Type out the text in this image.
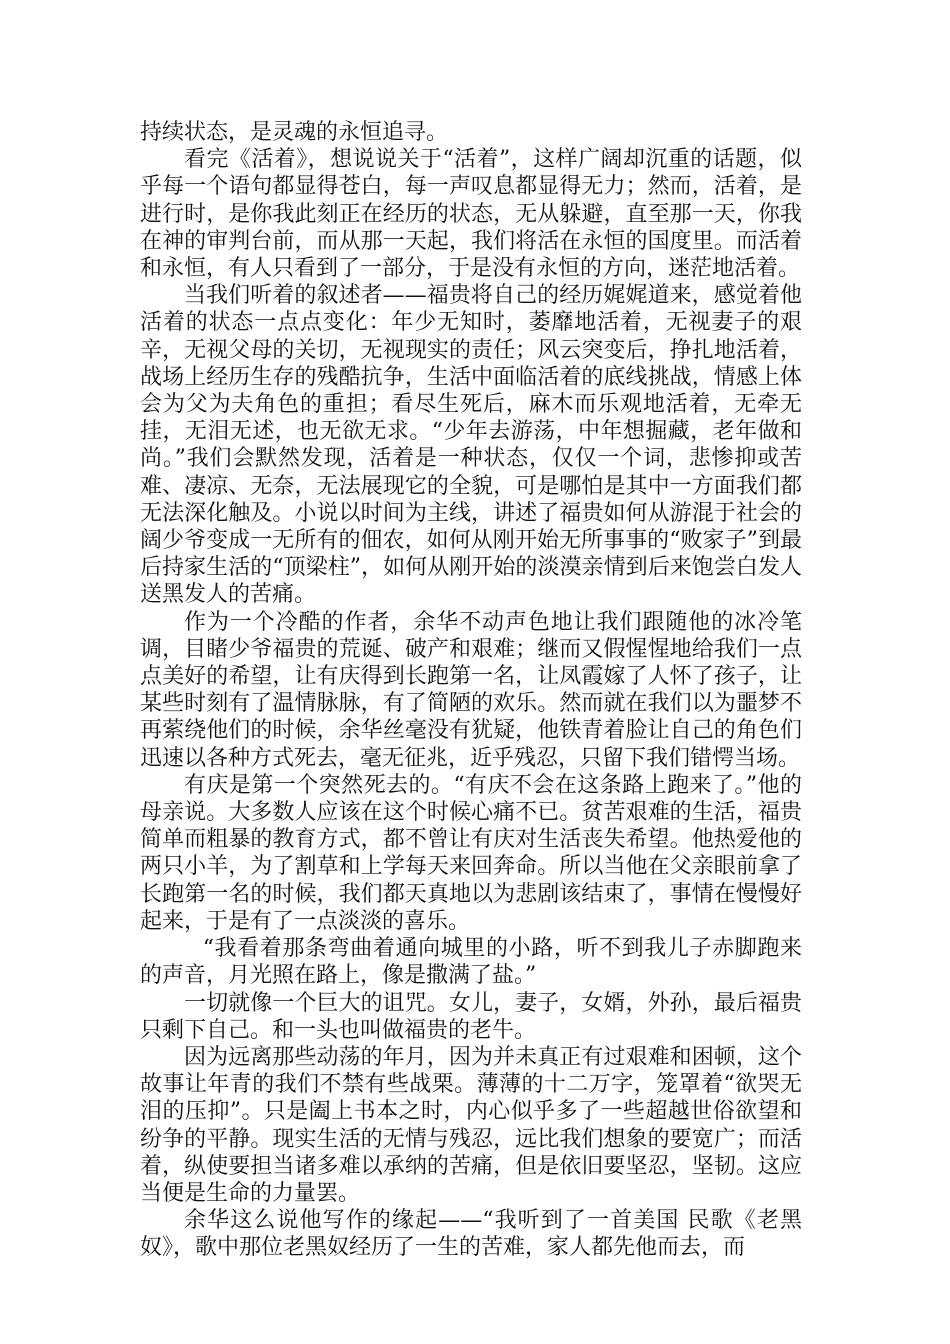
持续状态，是灵魂的永恒追寻。

看完《活着》，想说说关于“活着”，这样广阔却沉重的话题，似乎每一个语句都显得苍白，每一声叹息都显得无力；然而，活着，是进行时，是你我此刻正在经历的状态，无从躲避，直至那一天，你我在神的审判台前，而从那一天起，我们将活在永恒的国度里。而活着和永恒，有人只看到了一部分，于是没有永恒的方向，迷茫地活着。

当我们听着的叙述者——福贵将自己的经历娓娓道来，感觉着他活着的状态一点点变化：年少无知时，萎靡地活着，无视妻子的艰辛，无视父母的关切，无视现实的责任；风云突变后，挣扎地活着，战场上经历生存的残酷抗争，生活中面临活着的底线挑战，情感上体会为父为夫角色的重担；看尽生死后，麻木而乐观地活着，无牵无挂，无泪无述，也无欲无求。“少年去游荡，中年想掘藏，老年做和尚。”我们会默然发现，活着是一种状态，仅仅一个词，悲惨抑或苦难、凄凉、无奈，无法展现它的全貌，可是哪怕是其中一方面我们都无法深化触及。小说以时间为主线，讲述了福贵如何从游混于社会的阔少爷变成一无所有的佃农，如何从刚开始无所事事的“败家子”到最后持家生活的“顶梁柱”，如何从刚开始的淡漠亲情到后来饱尝白发人送黑发人的苦痛。

作为一个冷酷的作者，余华不动声色地让我们跟随他的冰冷笔调，目睹少爷福贵的荒诞、破产和艰难；继而又假惺惺地给我们一点点美好的希望，让有庆得到长跑第一名，让凤霞嫁了人怀了孩子，让某些时刻有了温情脉脉，有了简陋的欢乐。然而就在我们以为噩梦不再萦绕他们的时候，余华丝毫没有犹疑，他铁青着脸让自己的角色们迅速以各种方式死去，毫无征兆，近乎残忍，只留下我们错愕当场。

有庆是第一个突然死去的。“有庆不会在这条路上跑来了。”他的母亲说。大多数人应该在这个时候心痛不已。贫苦艰难的生活，福贵简单而粗暴的教育方式，都不曾让有庆对生活丧失希望。他热爱他的两只小羊，为了割草和上学每天来回奔命。所以当他在父亲眼前拿了长跑第一名的时候，我们都天真地以为悲剧该结束了，事情在慢慢好起来，于是有了一点淡淡的喜乐。

“我看着那条弯曲着通向城里的小路，听不到我儿子赤脚跑来的声音，月光照在路上，像是撒满了盐。”

一切就像一个巨大的诅咒。女儿，妻子，女婿，外孙，最后福贵只剩下自己。和一头也叫做福贵的老牛。

因为远离那些动荡的年月，因为并未真正有过艰难和困顿，这个故事让年青的我们不禁有些战栗。薄薄的十二万字，笼罩着“欲哭无泪的压抑”。只是阖上书本之时，内心似乎多了一些超越世俗欲望和纷争的平静。现实生活的无情与残忍，远比我们想象的要宽广；而活着，纵使要担当诸多难以承纳的苦痛，但是依旧要坚忍，坚韧。这应当便是生命的力量罢。

余华这么说他写作的缘起——“我听到了一首美国 民歌《老黑奴》，歌中那位老黑奴经历了一生的苦难，家人都先他而去，而
